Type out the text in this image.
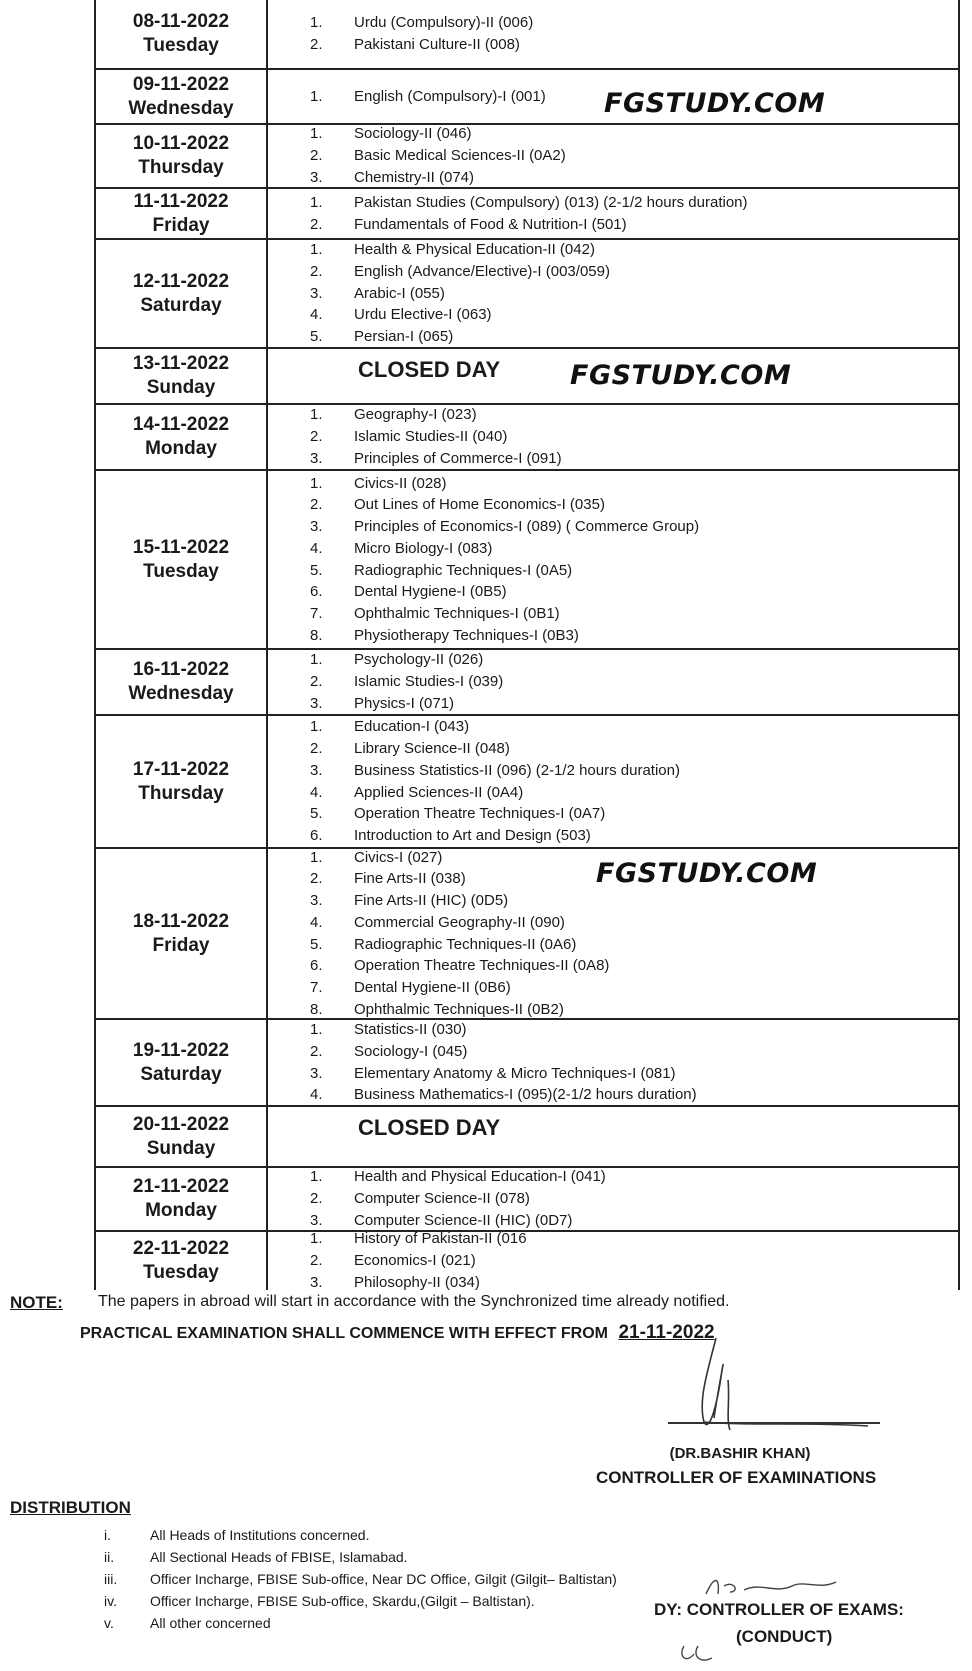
08-11-2022
Tuesday
1.	Urdu (Compulsory)-II (006)
2.	Pakistani Culture-II (008)
09-11-2022
Wednesday
1.	English (Compulsory)-I (001)
10-11-2022
Thursday
1.	Sociology-II (046)
2.	Basic Medical Sciences-II (0A2)
3.	Chemistry-II (074)
11-11-2022
Friday
1.	Pakistan Studies (Compulsory) (013) (2-1/2 hours duration)
2.	Fundamentals of Food & Nutrition-I (501)
12-11-2022
Saturday
1.	Health & Physical Education-II (042)
2.	English (Advance/Elective)-I (003/059)
3.	Arabic-I (055)
4.	Urdu Elective-I (063)
5.	Persian-I (065)
13-11-2022
Sunday
CLOSED DAY
14-11-2022
Monday
1.	Geography-I (023)
2.	Islamic Studies-II (040)
3.	Principles of Commerce-I (091)
15-11-2022
Tuesday
1.	Civics-II (028)
2.	Out Lines of Home Economics-I (035)
3.	Principles of Economics-I (089) ( Commerce Group)
4.	Micro Biology-I (083)
5.	Radiographic Techniques-I (0A5)
6.	Dental Hygiene-I (0B5)
7.	Ophthalmic Techniques-I (0B1)
8.	Physiotherapy Techniques-I (0B3)
16-11-2022
Wednesday
1.	Psychology-II (026)
2.	Islamic Studies-I (039)
3.	Physics-I (071)
17-11-2022
Thursday
1.	Education-I (043)
2.	Library Science-II (048)
3.	Business Statistics-II (096) (2-1/2 hours duration)
4.	Applied Sciences-II (0A4)
5.	Operation Theatre Techniques-I (0A7)
6.	Introduction to Art and Design (503)
18-11-2022
Friday
1.	Civics-I (027)
2.	Fine Arts-II (038)
3.	Fine Arts-II (HIC) (0D5)
4.	Commercial Geography-II (090)
5.	Radiographic Techniques-II (0A6)
6.	Operation Theatre Techniques-II (0A8)
7.	Dental Hygiene-II (0B6)
8.	Ophthalmic Techniques-II (0B2)
19-11-2022
Saturday
1.	Statistics-II (030)
2.	Sociology-I (045)
3.	Elementary Anatomy & Micro Techniques-I (081)
4.	Business Mathematics-I (095)(2-1/2 hours duration)
20-11-2022
Sunday
CLOSED DAY
21-11-2022
Monday
1.	Health and Physical Education-I (041)
2.	Computer Science-II (078)
3.	Computer Science-II (HIC) (0D7)
22-11-2022
Tuesday
1.	History of Pakistan-II (016
2.	Economics-I (021)
3.	Philosophy-II (034)
FGSTUDY.COM
FGSTUDY.COM
FGSTUDY.COM
NOTE: The papers in abroad will start in accordance with the Synchronized time already notified.
PRACTICAL EXAMINATION SHALL COMMENCE WITH EFFECT FROM 21-11-2022
(DR.BASHIR KHAN)
CONTROLLER OF EXAMINATIONS
DISTRIBUTION
i.	All Heads of Institutions concerned.
ii.	All Sectional Heads of FBISE, Islamabad.
iii.	Officer Incharge, FBISE Sub-office, Near DC Office, Gilgit (Gilgit– Baltistan)
iv.	Officer Incharge, FBISE Sub-office, Skardu,(Gilgit – Baltistan).
v.	All other concerned
DY: CONTROLLER OF EXAMS:
(CONDUCT)
